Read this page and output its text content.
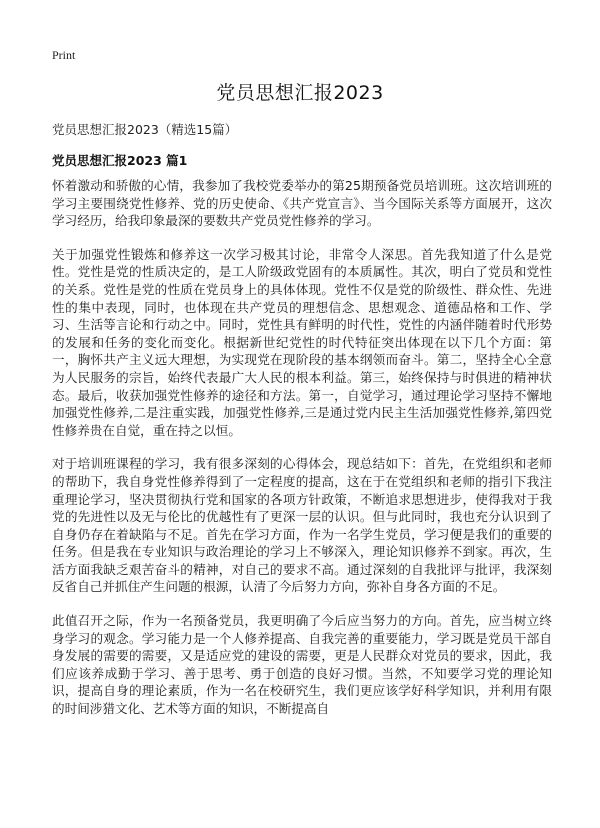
Print
党员思想汇报2023
党员思想汇报2023（精选15篇）
党员思想汇报2023 篇1

怀着激动和骄傲的心情，我参加了我校党委举办的第25期预备党员培训班。这次培训班的学习主要围绕党性修养、党的历史使命、《共产党宣言》、当今国际关系等方面展开，这次学习经历，给我印象最深的要数共产党员党性修养的学习。

关于加强党性锻炼和修养这一次学习极其讨论，非常令人深思。首先我知道了什么是党性。党性是党的性质决定的，是工人阶级政党固有的本质属性。其次，明白了党员和党性的关系。党性是党的性质在党员身上的具体体现。党性不仅是党的阶级性、群众性、先进性的集中表现，同时，也体现在共产党员的理想信念、思想观念、道德品格和工作、学习、生活等言论和行动之中。同时，党性具有鲜明的时代性，党性的内涵伴随着时代形势的发展和任务的变化而变化。根据新世纪党性的时代特征突出体现在以下几个方面：第一，胸怀共产主义远大理想，为实现党在现阶段的基本纲领而奋斗。第二，坚持全心全意为人民服务的宗旨，始终代表最广大人民的根本利益。第三，始终保持与时俱进的精神状态。最后，收获加强党性修养的途径和方法。第一，自觉学习，通过理论学习坚持不懈地加强党性修养,二是注重实践，加强党性修养,三是通过党内民主生活加强党性修养,第四党性修养贵在自觉，重在持之以恒。

对于培训班课程的学习，我有很多深刻的心得体会，现总结如下：首先，在党组织和老师的帮助下，我自身党性修养得到了一定程度的提高，这在于在党组织和老师的指引下我注重理论学习，坚决贯彻执行党和国家的各项方针政策，不断追求思想进步，使得我对于我党的先进性以及无与伦比的优越性有了更深一层的认识。但与此同时，我也充分认识到了自身仍存在着缺陷与不足。首先在学习方面，作为一名学生党员，学习便是我们的重要的任务。但是我在专业知识与政治理论的学习上不够深入，理论知识修养不到家。再次，生活方面我缺乏艰苦奋斗的精神，对自己的要求不高。通过深刻的自我批评与批评，我深刻反省自己并抓住产生问题的根源，认清了今后努力方向，弥补自身各方面的不足。

此值召开之际，作为一名预备党员，我更明确了今后应当努力的方向。首先，应当树立终身学习的观念。学习能力是一个人修养提高、自我完善的重要能力，学习既是党员干部自身发展的需要的需要，又是适应党的建设的需要，更是人民群众对党员的要求，因此，我们应该养成勤于学习、善于思考、勇于创造的良好习惯。当然，不知要学习党的理论知识，提高自身的理论素质，作为一名在校研究生，我们更应该学好科学知识，并利用有限的时间涉猎文化、艺术等方面的知识，不断提高自
